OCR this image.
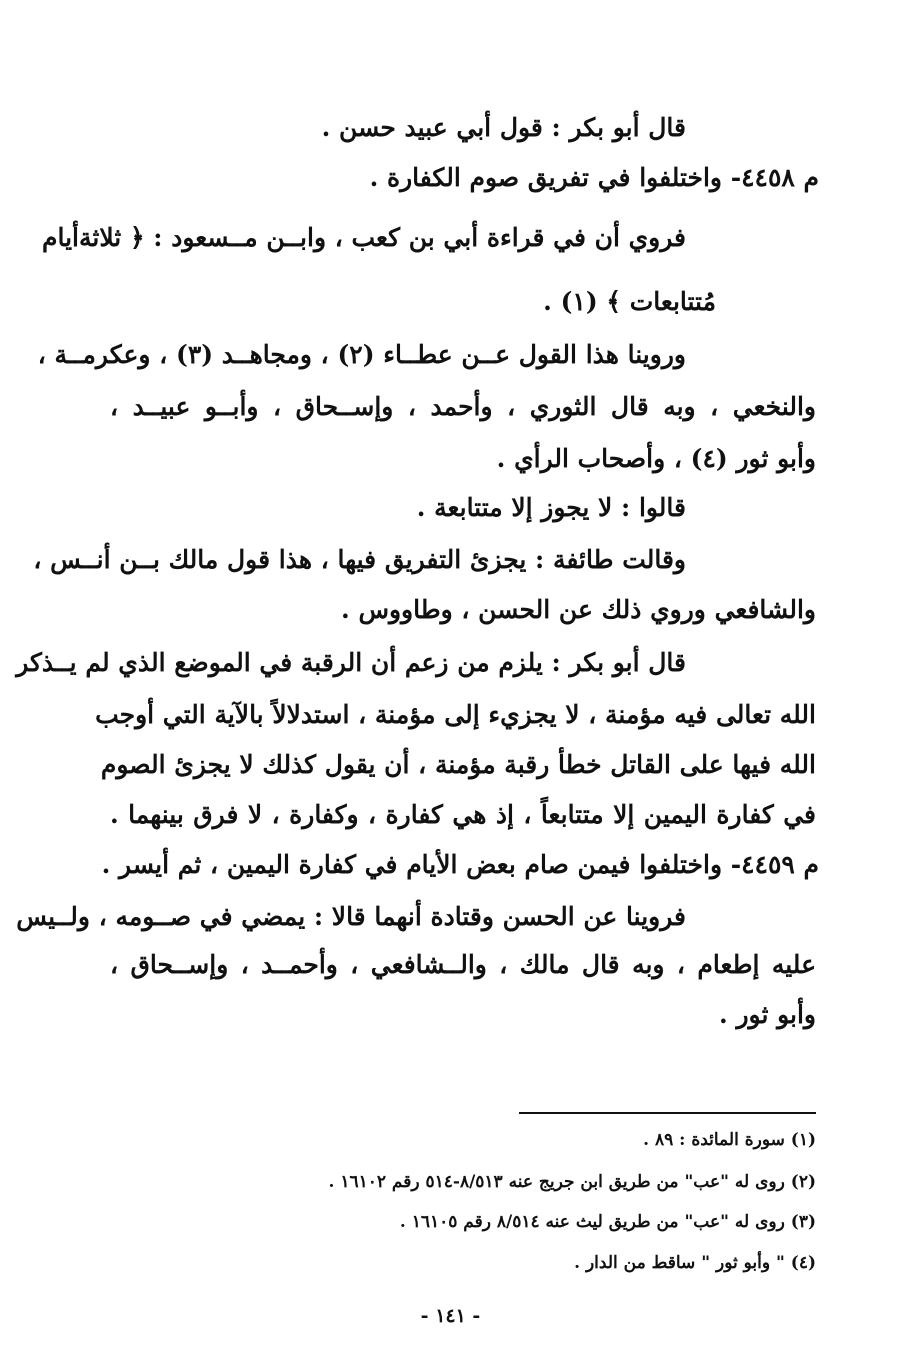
قال أبو بكر : قول أبي عبيد حسن .
م ٤٤٥٨- واختلفوا في تفريق صوم الكفارة .
فروي أن في قراءة أبي بن كعب ، وابــن مــسعود : ﴿ ثلاثةأيام
مُتتابعات ﴾ (١) .
وروينا هذا القول عــن عطــاء (٢) ، ومجاهــد (٣) ، وعكرمــة ،
والنخعي ، وبه قال الثوري ، وأحمد ، وإســحاق ، وأبــو عبيــد ،
وأبو ثور (٤) ، وأصحاب الرأي .
قالوا : لا يجوز إلا متتابعة .
وقالت طائفة : يجزئ التفريق فيها ، هذا قول مالك بــن أنــس ،
والشافعي وروي ذلك عن الحسن ، وطاووس .
قال أبو بكر : يلزم من زعم أن الرقبة في الموضع الذي لم يــذكر
الله تعالى فيه مؤمنة ، لا يجزيء إلى مؤمنة ، استدلالاً بالآية التي أوجب
الله فيها على القاتل خطأ رقبة مؤمنة ، أن يقول كذلك لا يجزئ الصوم
في كفارة اليمين إلا متتابعاً ، إذ هي كفارة ، وكفارة ، لا فرق بينهما .
م ٤٤٥٩- واختلفوا فيمن صام بعض الأيام في كفارة اليمين ، ثم أيسر .
فروينا عن الحسن وقتادة أنهما قالا : يمضي في صــومه ، ولــيس
عليه إطعام ، وبه قال مالك ، والــشافعي ، وأحمــد ، وإســحاق ،
وأبو ثور .
(١) سورة المائدة : ٨٩ .
(٢) روى له "عب" من طريق ابن جريج عنه ٨/٥١٣-٥١٤ رقم ١٦١٠٢ .
(٣) روى له "عب" من طريق ليث عنه ٨/٥١٤ رقم ١٦١٠٥ .
(٤) " وأبو ثور " ساقط من الدار .
- ١٤١ -
